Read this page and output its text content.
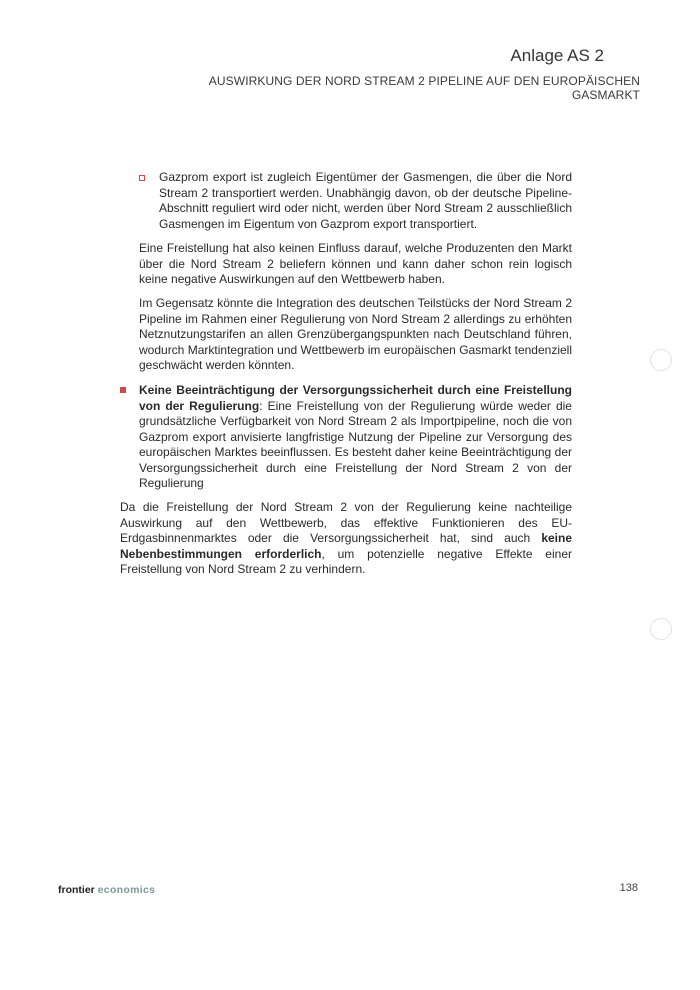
Anlage AS 2
AUSWIRKUNG DER NORD STREAM 2 PIPELINE AUF DEN EUROPÄISCHEN
GASMARKT
Gazprom export ist zugleich Eigentümer der Gasmengen, die über die Nord Stream 2 transportiert werden. Unabhängig davon, ob der deutsche Pipeline-Abschnitt reguliert wird oder nicht, werden über Nord Stream 2 ausschließlich Gasmengen im Eigentum von Gazprom export transportiert.
Eine Freistellung hat also keinen Einfluss darauf, welche Produzenten den Markt über die Nord Stream 2 beliefern können und kann daher schon rein logisch keine negative Auswirkungen auf den Wettbewerb haben.
Im Gegensatz könnte die Integration des deutschen Teilstücks der Nord Stream 2 Pipeline im Rahmen einer Regulierung von Nord Stream 2 allerdings zu erhöhten Netznutzungstarifen an allen Grenzübergangspunkten nach Deutschland führen, wodurch Marktintegration und Wettbewerb im europäischen Gasmarkt tendenziell geschwächt werden könnten.
Keine Beeinträchtigung der Versorgungssicherheit durch eine Freistellung von der Regulierung: Eine Freistellung von der Regulierung würde weder die grundsätzliche Verfügbarkeit von Nord Stream 2 als Importpipeline, noch die von Gazprom export anvisierte langfristige Nutzung der Pipeline zur Versorgung des europäischen Marktes beeinflussen. Es besteht daher keine Beeinträchtigung der Versorgungssicherheit durch eine Freistellung der Nord Stream 2 von der Regulierung
Da die Freistellung der Nord Stream 2 von der Regulierung keine nachteilige Auswirkung auf den Wettbewerb, das effektive Funktionieren des EU-Erdgasbinnenmarktes oder die Versorgungssicherheit hat, sind auch keine Nebenbestimmungen erforderlich, um potenzielle negative Effekte einer Freistellung von Nord Stream 2 zu verhindern.
frontier economics	138
